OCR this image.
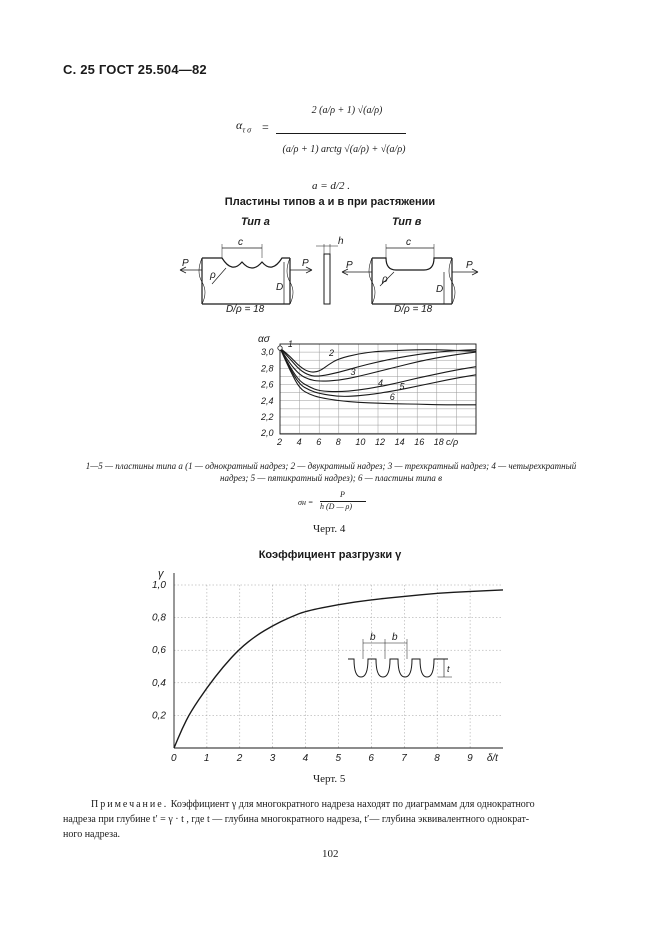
С. 25 ГОСТ 25.504—82
$\alpha_{\tau \sigma}$ =
2 (a/ρ + 1) √(a/ρ)
(a/ρ + 1) arctg √(a/ρ) + √(a/ρ)
a = d/2 .
Пластины типов а и в при растяжении
Тип а	Тип в
c
P	P
ρ
D
D/ρ = 18
h	c
P	P
ρ
D
D/ρ = 18
2 4 6 8 10 12 14 16 18 c/ρ
3,0
2,8
2,6
2,4
2,2
2,0
ασ 1
2
3
4 5
6
1—5 — пластины типа а (1 — однократный надрез; 2 — двукратный надрез; 3 — трехкратный надрез; 4 — четырехкратный
надрез; 5 — пятикратный надрез); 6 — пластины типа в
σн =
P
h (D — ρ)
Черт. 4
Коэффициент разгрузки γ
0	1	2	3	4	5	6	7	8	9 δ/t
1,0
0,8
0,6
0,4
0,2
γ
b b
t
Черт. 5
Примечание. Коэффициент γ для многократного надреза находят по диаграммам для однократного
надреза при глубине t′ = γ · t , где t — глубина многократного надреза, t′— глубина эквивалентного однократ-
ного надреза.
102
